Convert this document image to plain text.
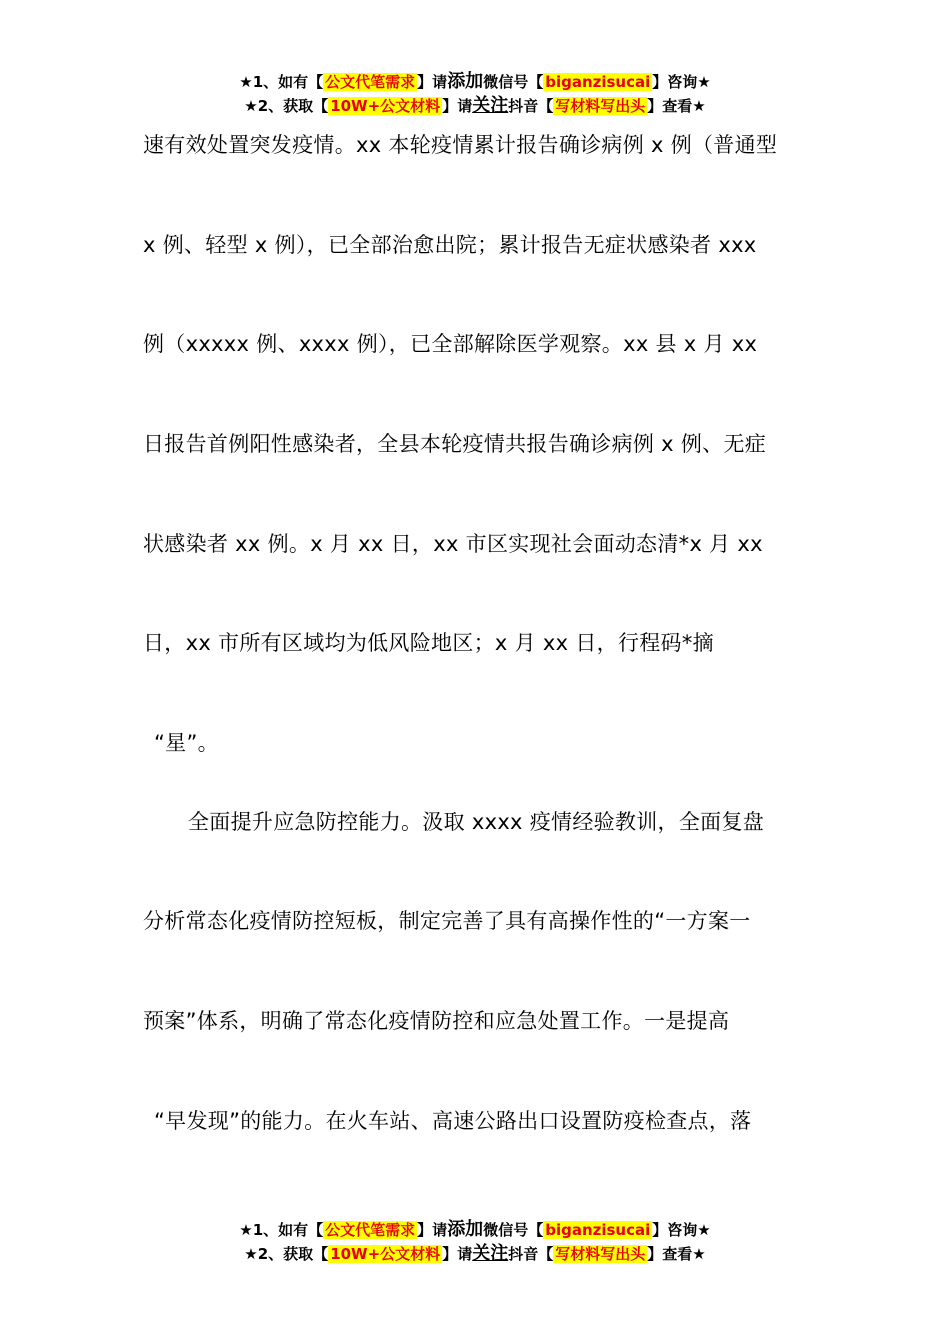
★1、如有【 公文代笔需求 】请添加微信号【 biganzisucai 】咨询★
★2、获取【 10W+公文材料 】请关注抖音【 写材料写出头 】查看★
速有效处置突发疫情。xx 本轮疫情累计报告确诊病例 x 例（普通型
x 例、轻型 x 例），已全部治愈出院；累计报告无症状感染者 xxx
例（xxxxx 例、xxxx 例），已全部解除医学观察。xx 县 x 月 xx
日报告首例阳性感染者，全县本轮疫情共报告确诊病例 x 例、无症
状感染者 xx 例。x 月 xx 日，xx 市区实现社会面动态清*x 月 xx
日，xx 市所有区域均为低风险地区；x 月 xx 日，行程码*摘
“星”。
全面提升应急防控能力。汲取 xxxx 疫情经验教训，全面复盘
分析常态化疫情防控短板，制定完善了具有高操作性的“一方案一
预案”体系，明确了常态化疫情防控和应急处置工作。一是提高
“早发现”的能力。在火车站、高速公路出口设置防疫检查点，落
★1、如有【 公文代笔需求 】请添加微信号【 biganzisucai 】咨询★
★2、获取【 10W+公文材料 】请关注抖音【 写材料写出头 】查看★
